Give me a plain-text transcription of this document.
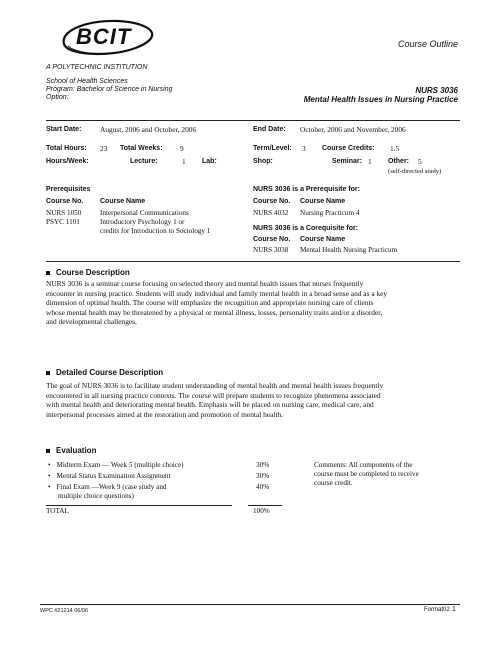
BCIT
A POLYTECHNIC INSTITUTION
Course Outline
School of Health Sciences
Program: Bachelor of Science in Nursing
Option:
NURS 3036
Mental Health Issues in Nursing Practice
Start Date:	August, 2006 and October, 2006	End Date: October, 2006 and November, 2006
Total Hours: 23 Total Weeks: 9	Term/Level: 3 Course Credits: 1.5
Hours/Week:	Lecture:	1 Lab:	Shop:	Seminar: 1 Other: 5
(self-directed study)
Prerequisites
Course No. Course Name
NURS 1050	Interpersonal Communications
PSYC 1101	Introductory Psychology 1 or
credits for Introduction to Sociology 1
NURS 3036 is a Prerequisite for:
Course No. Course Name
NURS 4032 Nursing Practicum 4
NURS 3036 is a Corequisite for:
Course No. Course Name
NURS 3038 Mental Health Nursing Practicum
Course Description
NURS 3036 is a seminar course focusing on selected theory and mental health issues that nurses frequently
encounter in nursing practice. Students will study individual and family mental health in a broad sense and as a key
dimension of optimal health. The course will emphasize the recognition and appropriate nursing care of clients
whose mental health may be threatened by a physical or mental illness, losses, personality traits and/or a disorder,
and developmental challenges.
Detailed Course Description
The goal of NURS 3036 is to facilitate student understanding of mental health and mental health issues frequently
encountered in all nursing practice contexts. The course will prepare students to recognize phenomena associated
with mental health and deteriorating mental health. Emphasis will be placed on nursing care, medical care, and
interpersonal processes aimed at the restoration and promotion of mental health.
Evaluation
• Midterm Exam — Week 5 (multiple choice)	30%
• Mental Status Examination Assignment	30%
• Final Exam —Week 9 (case study and
multiple choice questions)
40%
TOTAL	100%
Comments: All components of the
course must be completed to receive
course credit.
WPC #21214 06/06	Format02 1
